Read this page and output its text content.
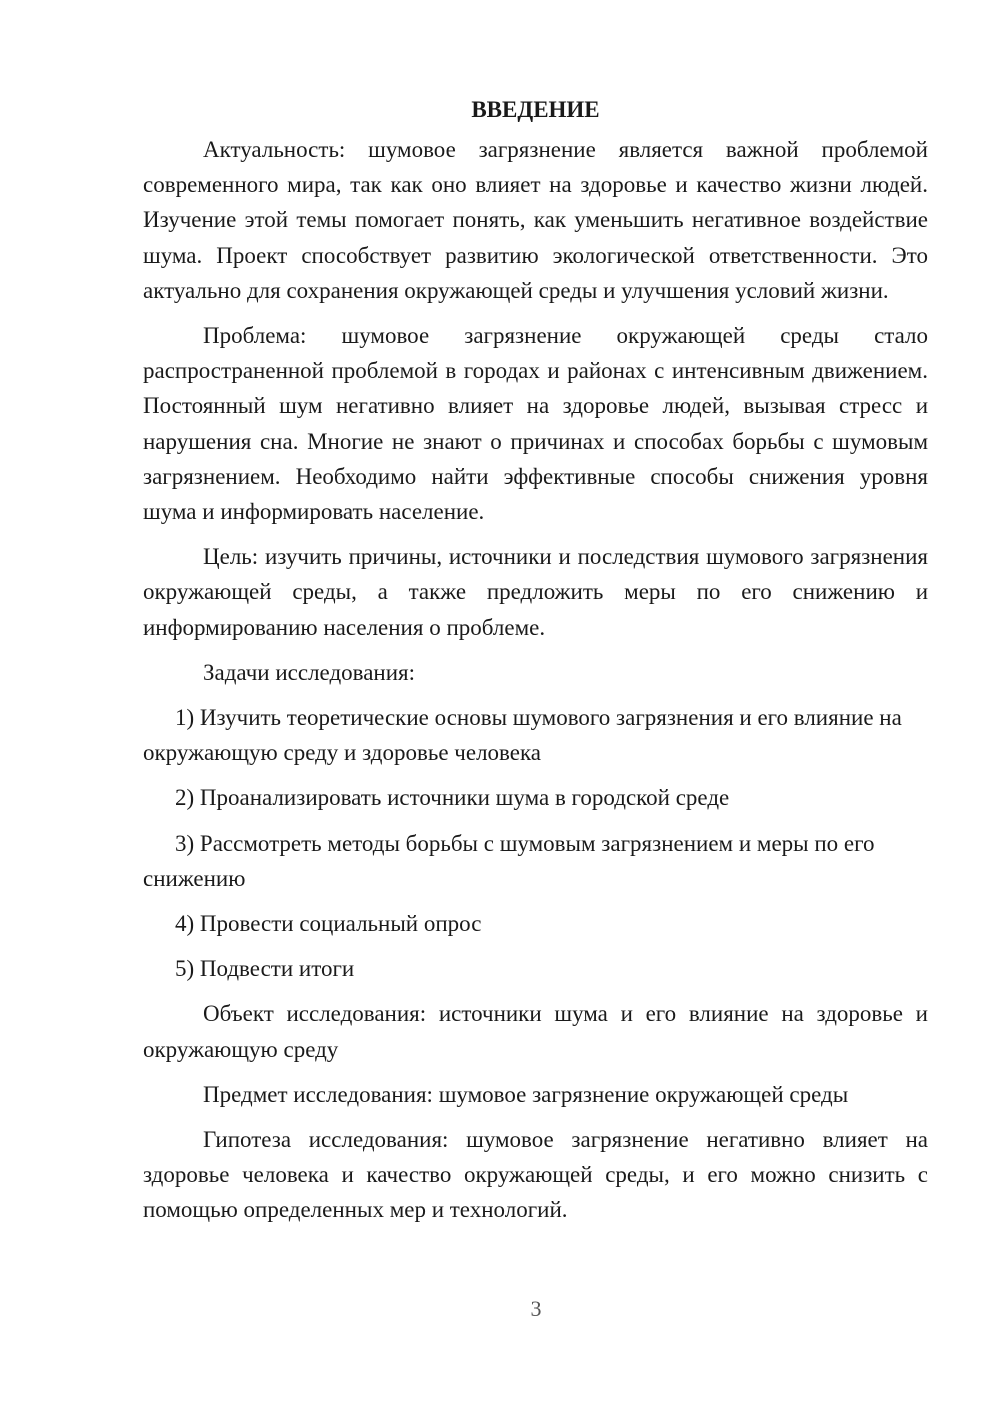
ВВЕДЕНИЕ

Актуальность: шумовое загрязнение является важной проблемой современного мира, так как оно влияет на здоровье и качество жизни людей. Изучение этой темы помогает понять, как уменьшить негативное воздействие шума. Проект способствует развитию экологической ответственности. Это актуально для сохранения окружающей среды и улучшения условий жизни.

Проблема: шумовое загрязнение окружающей среды стало распространенной проблемой в городах и районах с интенсивным движением. Постоянный шум негативно влияет на здоровье людей, вызывая стресс и нарушения сна. Многие не знают о причинах и способах борьбы с шумовым загрязнением. Необходимо найти эффективные способы снижения уровня шума и информировать население.

Цель: изучить причины, источники и последствия шумового загрязнения окружающей среды, а также предложить меры по его снижению и информированию населения о проблеме.

Задачи исследования:

1) Изучить теоретические основы шумового загрязнения и его влияние на окружающую среду и здоровье человека

2) Проанализировать источники шума в городской среде

3) Рассмотреть методы борьбы с шумовым загрязнением и меры по его снижению

4) Провести социальный опрос

5) Подвести итоги

Объект исследования: источники шума и его влияние на здоровье и окружающую среду

Предмет исследования: шумовое загрязнение окружающей среды

Гипотеза исследования: шумовое загрязнение негативно влияет на здоровье человека и качество окружающей среды, и его можно снизить с помощью определенных мер и технологий.

3
